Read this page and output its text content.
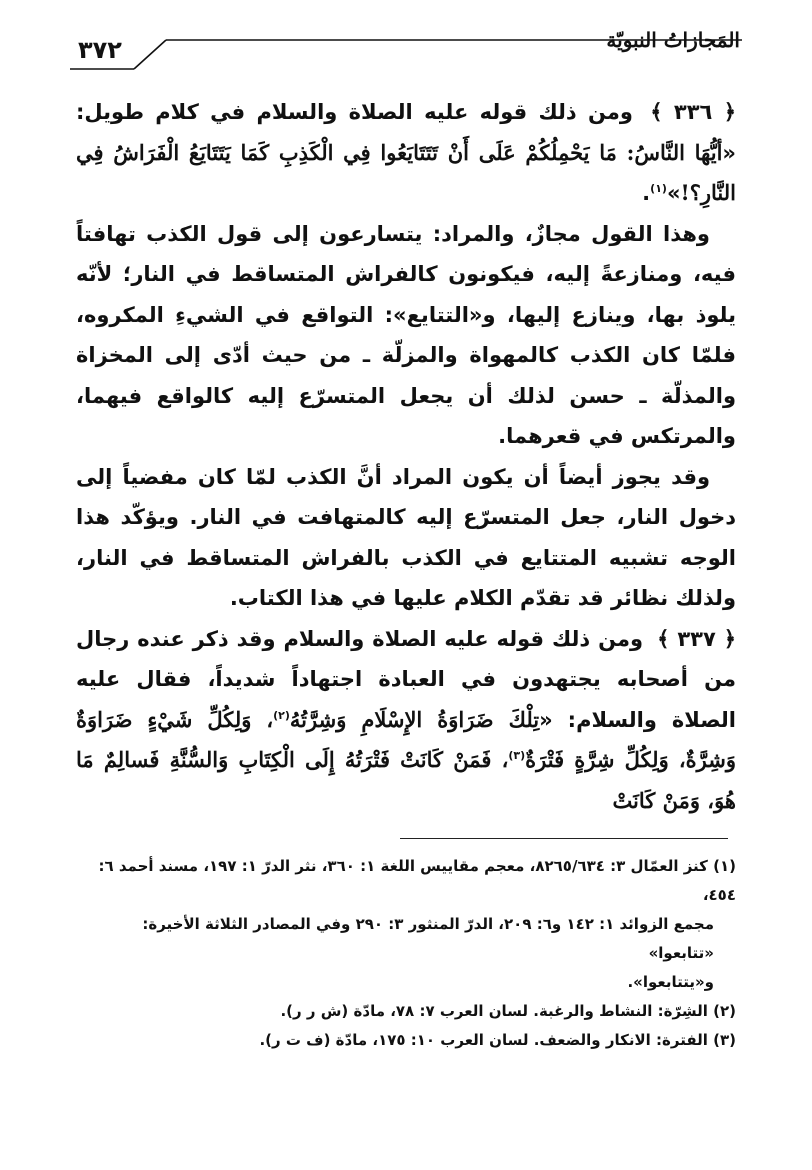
المَجازاتُ النبويّة
٣٧٢

﴿ ٣٣٦ ﴾ ومن ذلك قوله عليه الصلاة والسلام في كلام طويل: «أيُّهَا النَّاسُ: مَا يَحْمِلُكُمْ عَلَى أَنْ تَتَتَايَعُوا فِي الْكَذِبِ كَمَا يَتَتَايَعُ الْفَرَاشُ فِي النَّارِ؟!»$^{(١)}$.

وهذا القول مجازٌ، والمراد: يتسارعون إلى قول الكذب تهافتاً فيه، ومنازعةً إليه، فيكونون كالفراش المتساقط في النار؛ لأنّه يلوذ بها، وينازع إليها، و«التتايع»: التواقع في الشيءِ المكروه، فلمّا كان الكذب كالمهواة والمزلّة ـ من حيث أدّى إلى المخزاة والمذلّة ـ حسن لذلك أن يجعل المتسرّع إليه كالواقع فيهما، والمرتكس في قعرهما.

وقد يجوز أيضاً أن يكون المراد أنَّ الكذب لمّا كان مفضياً إلى دخول النار، جعل المتسرّع إليه كالمتهافت في النار. ويؤكّد هذا الوجه تشبيه المتتايع في الكذب بالفراش المتساقط في النار، ولذلك نظائر قد تقدّم الكلام عليها في هذا الكتاب.

﴿ ٣٣٧ ﴾ ومن ذلك قوله عليه الصلاة والسلام وقد ذكر عنده رجال من أصحابه يجتهدون في العبادة اجتهاداً شديداً، فقال عليه الصلاة والسلام: «تِلْكَ ضَرَاوَةُ الإِسْلَامِ وَشِرَّتُهُ$^{(٢)}$، وَلِكُلِّ شَيْءٍ ضَرَاوَةٌ وَشِرَّةٌ، وَلِكُلِّ شِرَّةٍ فَتْرَةٌ$^{(٣)}$، فَمَنْ كَانَتْ فَتْرَتُهُ إِلَى الْكِتَابِ وَالسُّنَّةِ فَسالِمٌ مَا هُوَ، وَمَنْ كَانَتْ

(١) كنز العمّال ٣: ٨٢٦٥/٦٣٤، معجم مقاييس اللغة ١: ٣٦٠، نثر الدرّ ١: ١٩٧، مسند أحمد ٦: ٤٥٤،

مجمع الزوائد ١: ١٤٢ و٦: ٢٠٩، الدرّ المنثور ٣: ٢٩٠ وفي المصادر الثلاثة الأخيرة: «تتابعوا»

و«يتتابعوا».

(٢) الشِرّة: النشاط والرغبة. لسان العرب ٧: ٧٨، مادّة (ش ر ر).

(٣) الفترة: الانكار والضعف. لسان العرب ١٠: ١٧٥، مادّة (ف ت ر).
